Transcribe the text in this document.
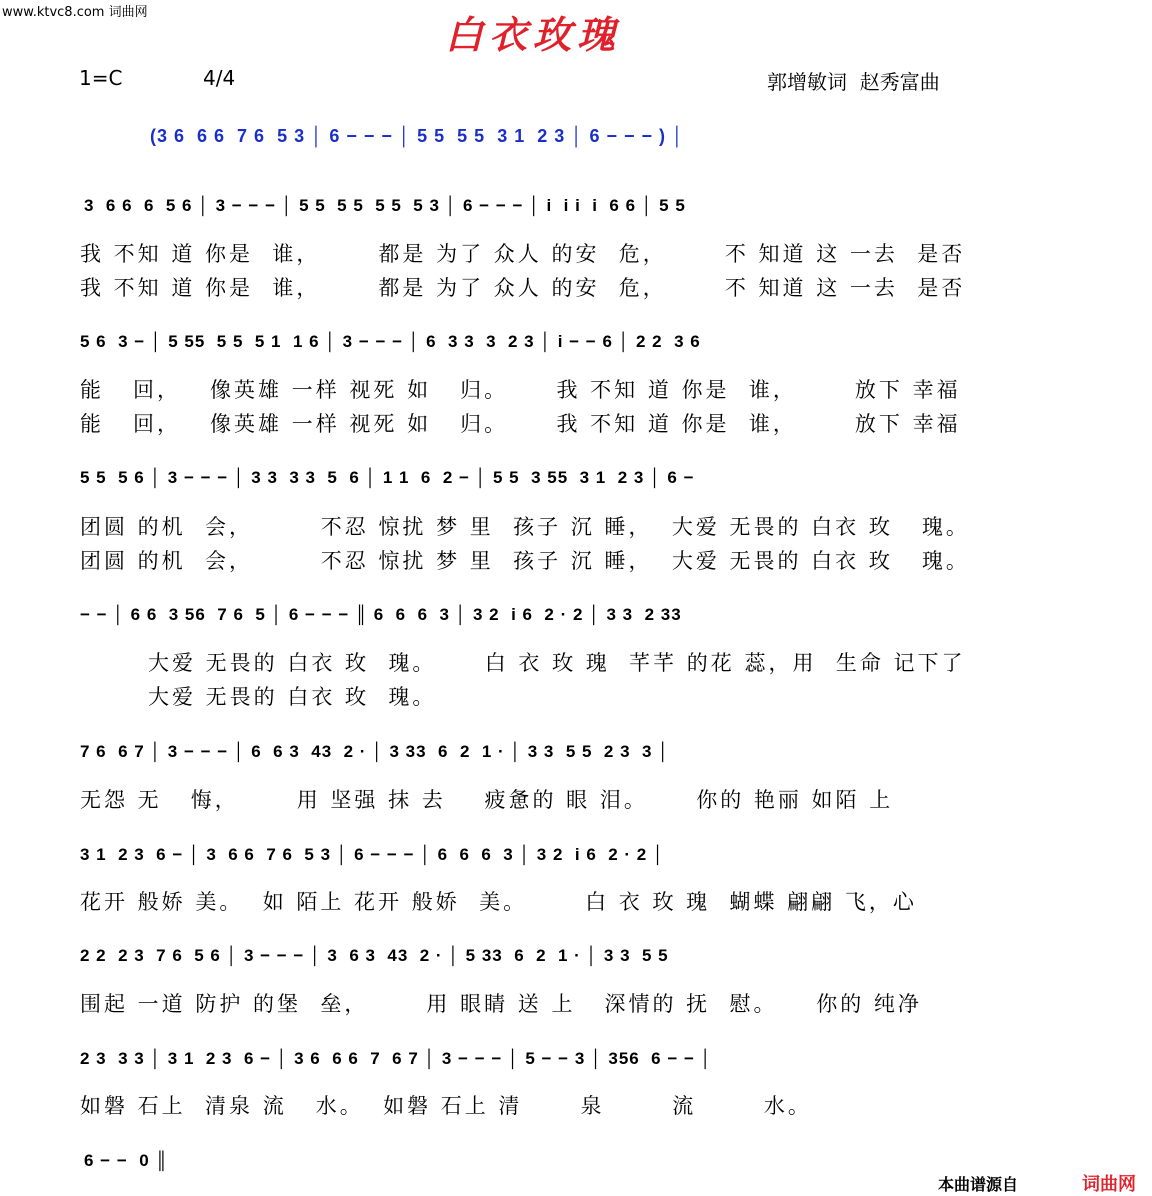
www.ktvc8.com 词曲网	白衣玫瑰
1=C	4/4	郭增敏词  赵秀富曲
(3 6  6 6  7 6  5 3 │ 6 − − − │ 5 5  5 5  3 1  2 3 │ 6 − − − ) │
3  6 6  6  5 6 │ 3 − − − │ 5 5  5 5  5 5  5 3 │ 6 − − − │ i  i i  i  6 6 │ 5 5
我 不知 道 你是  谁，      都是 为了 众人 的安  危，      不 知道 这 一去  是否
我 不知 道 你是  谁，      都是 为了 众人 的安  危，      不 知道 这 一去  是否
5 6  3 − │ 5 55  5 5  5 1  1 6 │ 3 − − − │ 6  3 3  3  2 3 │ i − − 6 │ 2 2  3 6
能   回，   像英雄 一样 视死 如   归。     我 不知 道 你是  谁，      放下 幸福
能   回，   像英雄 一样 视死 如   归。     我 不知 道 你是  谁，      放下 幸福
5 5  5 6 │ 3 − − − │ 3 3  3 3  5  6 │ 1 1  6  2 − │ 5 5  3 55  3 1  2 3 │ 6 −
团圆 的机  会，       不忍 惊扰 梦 里  孩子 沉 睡，  大爱 无畏的 白衣 玫   瑰。
团圆 的机  会，       不忍 惊扰 梦 里  孩子 沉 睡，  大爱 无畏的 白衣 玫   瑰。
− − │ 6 6  3 56  7 6  5 │ 6 − − − ║ 6  6  6  3 │ 3 2  i 6  2 · 2 │ 3 3  2 33
大爱 无畏的 白衣 玫  瑰。     白 衣 玫 瑰  芊芊 的花 蕊，用  生命 记下了
大爱 无畏的 白衣 玫  瑰。
7 6  6 7 │ 3 − − − │ 6  6 3  43  2 · │ 3 33  6  2  1 · │ 3 3  5 5  2 3  3 │
无怨 无   悔，      用 坚强 抹 去    疲惫的 眼 泪。     你的 艳丽 如陌 上
3 1  2 3  6 − │ 3  6 6  7 6  5 3 │ 6 − − − │ 6  6  6  3 │ 3 2  i 6  2 · 2 │
花开 般娇 美。  如 陌上 花开 般娇  美。      白 衣 玫 瑰  蝴蝶 翩翩 飞，心
2 2  2 3  7 6  5 6 │ 3 − − − │ 3  6 3  43  2 · │ 5 33  6  2  1 · │ 3 3  5 5
围起 一道 防护 的堡  垒，      用 眼睛 送 上   深情的 抚  慰。    你的 纯净
2 3  3 3 │ 3 1  2 3  6 − │ 3 6  6 6  7  6 7 │ 3 − − − │ 5 − − 3 │ 356  6 − − │
如磐 石上  清泉 流   水。  如磐 石上 清      泉       流       水。
6 − −  0 ║
本曲谱源自	词曲网
